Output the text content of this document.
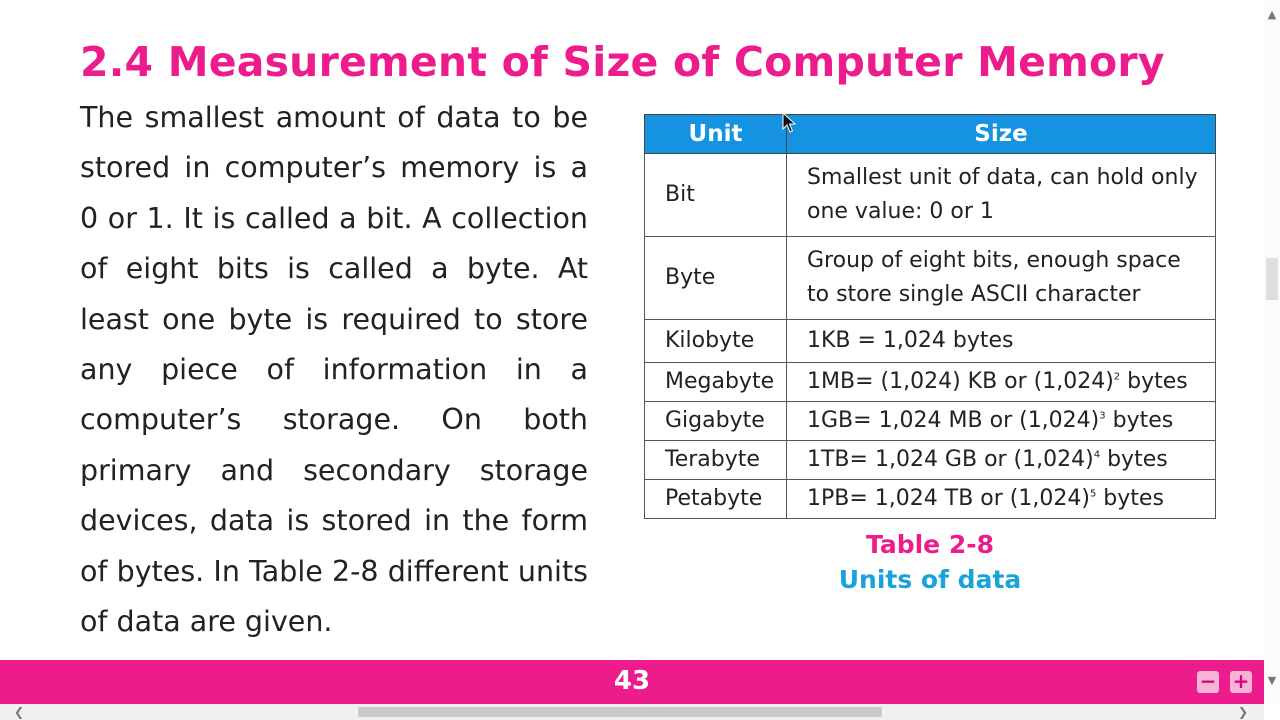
2.4 Measurement of Size of Computer Memory

The smallest amount of data to be stored in computer’s memory is a 0 or 1. It is called a bit. A collection of eight bits is called a byte. At least one byte is required to store any piece of information in a computer’s storage. On both primary and secondary storage devices, data is stored in the form of bytes. In Table 2-8 different units of data are given.

Unit	Size
Bit	Smallest unit of data, can hold only one value: 0 or 1
Byte	Group of eight bits, enough space to store single ASCII character
Kilobyte	1KB = 1,024 bytes
Megabyte	1MB= (1,024) KB or $(1,024)^2$ bytes
Gigabyte	1GB= 1,024 MB or $(1,024)^3$ bytes
Terabyte	1TB= 1,024 GB or $(1,024)^4$ bytes
Petabyte	1PB= 1,024 TB or $(1,024)^5$ bytes
Table 2-8
Units of data
43	− +
▲
▼
❮	❯
